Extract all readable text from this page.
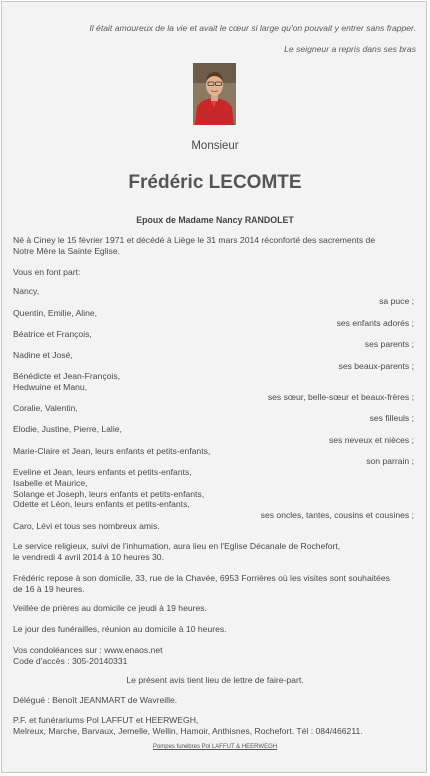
Il était amoureux de la vie et avait le cœur si large qu'on pouvait y entrer sans frapper.
Le seigneur a repris dans ses bras
Monsieur
Frédéric LECOMTE
Epoux de Madame Nancy RANDOLET
Né à Ciney le 15 février 1971 et décédé à Liège le 31 mars 2014 réconforté des sacrements de
Notre Mère la Sainte Eglise.
Vous en font part:
Nancy,
sa puce ;
Quentin, Emilie, Aline,
ses enfants adorés ;
Béatrice et François,
ses parents ;
Nadine et José,
ses beaux-parents ;
Bénédicte et Jean-François,
Hedwuine et Manu,
ses sœur, belle-sœur et beaux-frères ;
Coralie, Valentin,
ses filleuls ;
Elodie, Justine, Pierre, Lalie,
ses neveux et nièces ;
Marie-Claire et Jean, leurs enfants et petits-enfants,
son parrain ;
Eveline et Jean, leurs enfants et petits-enfants,
Isabelle et Maurice,
Solange et Joseph, leurs enfants et petits-enfants,
Odette et Léon, leurs enfants et petits-enfants,
ses oncles, tantes, cousins et cousines ;
Caro, Lévi et tous ses nombreux amis.
Le service religieux, suivi de l'inhumation, aura lieu en l'Eglise Décanale de Rochefort,
le vendredi 4 avril 2014 à 10 heures 30.
Frédéric repose à son domicile, 33, rue de la Chavée, 6953 Forrières où les visites sont souhaitées
de 16 à 19 heures.
Veillée de prières au domicile ce jeudi à 19 heures.
Le jour des funérailles, réunion au domicile à 10 heures.
Vos condoléances sur : www.enaos.net
Code d'accès : 305-20140331
Le présent avis tient lieu de lettre de faire-part.
Délégué : Benoît JEANMART de Wavreille.
P.F. et funérariums Pol LAFFUT et HEERWEGH,
Melreux, Marche, Barvaux, Jemelle, Wellin, Hamoir, Anthisnes, Rochefort. Tél : 084/466211.
Pompes funèbres Pol LAFFUT & HEERWEGH
